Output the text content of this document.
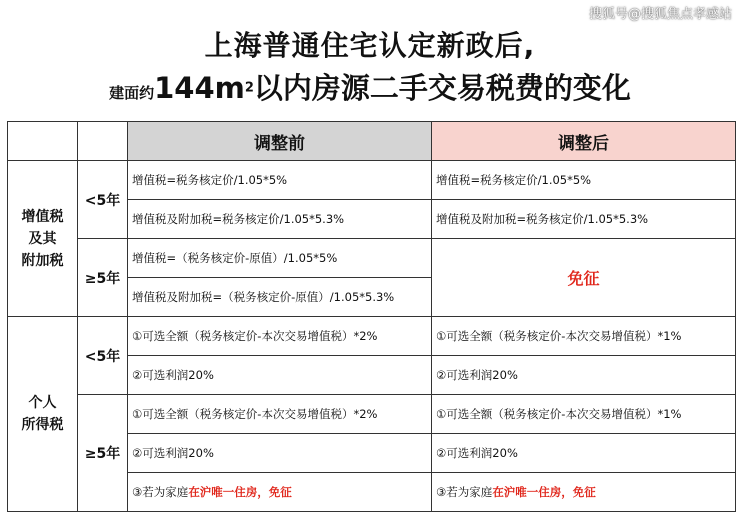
搜狐号@搜狐焦点孝感站
上海普通住宅认定新政后,
建面约$144m^2$以内房源二手交易税费的变化
		调整前	调整后

增值税
及其
附加税	<5年	增值税=税务核定价/1.05*5%	增值税=税务核定价/1.05*5%
		增值税及附加税=税务核定价/1.05*5.3%	增值税及附加税=税务核定价/1.05*5.3%
	≥5年	增值税=（税务核定价-原值）/1.05*5%	免征
		增值税及附加税=（税务核定价-原值）/1.05*5.3%	

个人
所得税	<5年	①可选全额（税务核定价-本次交易增值税）*2%	①可选全额（税务核定价-本次交易增值税）*1%
		②可选利润20%	②可选利润20%
	≥5年	①可选全额（税务核定价-本次交易增值税）*2%	①可选全额（税务核定价-本次交易增值税）*1%
		②可选利润20%	②可选利润20%
		③若为家庭在沪唯一住房，免征	③若为家庭在沪唯一住房，免征
